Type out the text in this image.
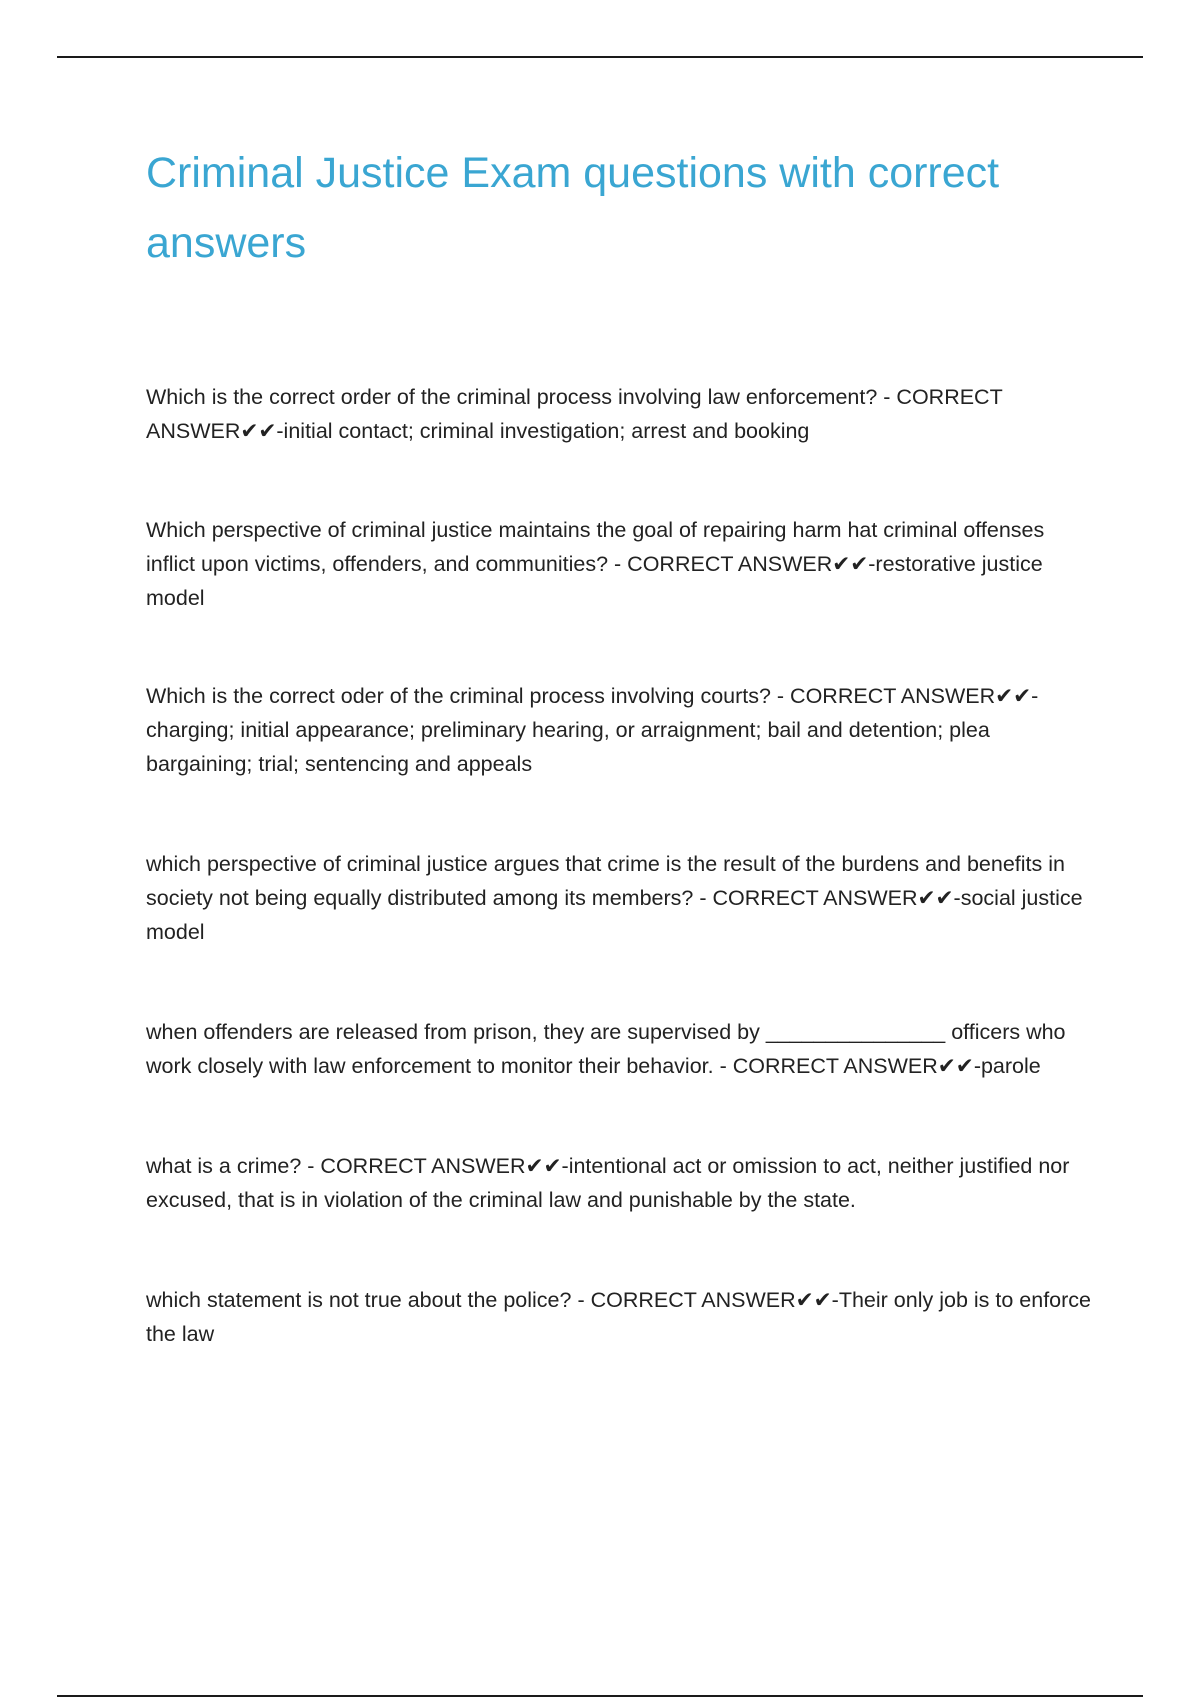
Criminal Justice Exam questions with correct answers

Which is the correct order of the criminal process involving law enforcement? - CORRECT ANSWER✔✔-initial contact; criminal investigation; arrest and booking

Which perspective of criminal justice maintains the goal of repairing harm hat criminal offenses inflict upon victims, offenders, and communities? - CORRECT ANSWER✔✔-restorative justice model

Which is the correct oder of the criminal process involving courts? - CORRECT ANSWER✔✔-charging; initial appearance; preliminary hearing, or arraignment; bail and detention; plea bargaining; trial; sentencing and appeals

which perspective of criminal justice argues that crime is the result of the burdens and benefits in society not being equally distributed among its members? - CORRECT ANSWER✔✔-social justice model

when offenders are released from prison, they are supervised by _______________ officers who work closely with law enforcement to monitor their behavior. - CORRECT ANSWER✔✔-parole

what is a crime? - CORRECT ANSWER✔✔-intentional act or omission to act, neither justified nor excused, that is in violation of the criminal law and punishable by the state.

which statement is not true about the police? - CORRECT ANSWER✔✔-Their only job is to enforce the law
